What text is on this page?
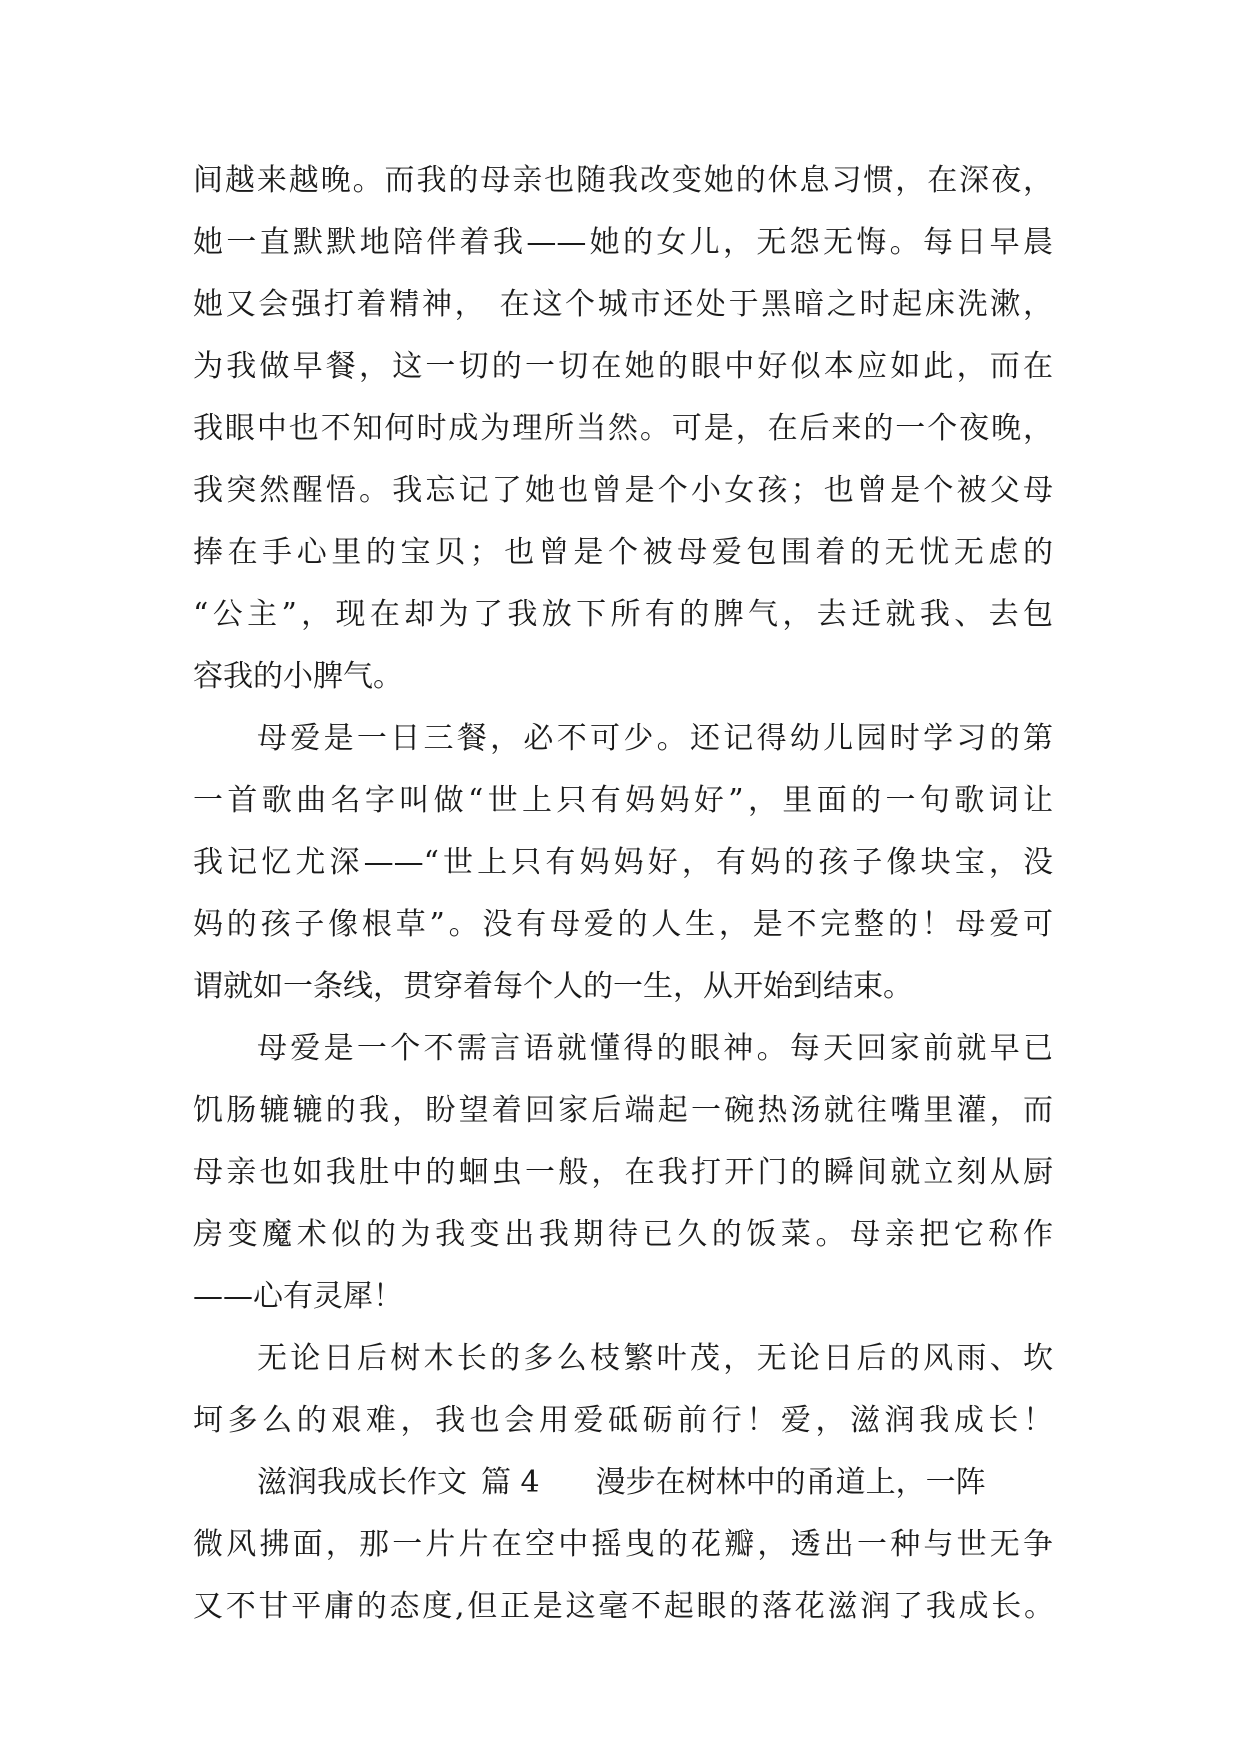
间越来越晚。而我的母亲也随我改变她的休息习惯，在深夜，
她一直默默地陪伴着我——她的女儿，无怨无悔。每日早晨
她又会强打着精神， 在这个城市还处于黑暗之时起床洗漱，
为我做早餐，这一切的一切在她的眼中好似本应如此，而在
我眼中也不知何时成为理所当然。可是，在后来的一个夜晚，
我突然醒悟。我忘记了她也曾是个小女孩；也曾是个被父母
捧在手心里的宝贝；也曾是个被母爱包围着的无忧无虑的
“公主”，现在却为了我放下所有的脾气，去迁就我、去包
容我的小脾气。
母爱是一日三餐，必不可少。还记得幼儿园时学习的第
一首歌曲名字叫做“世上只有妈妈好”，里面的一句歌词让
我记忆尤深——“世上只有妈妈好，有妈的孩子像块宝，没
妈的孩子像根草”。没有母爱的人生，是不完整的！母爱可
谓就如一条线，贯穿着每个人的一生，从开始到结束。
母爱是一个不需言语就懂得的眼神。每天回家前就早已
饥肠辘辘的我，盼望着回家后端起一碗热汤就往嘴里灌，而
母亲也如我肚中的蛔虫一般，在我打开门的瞬间就立刻从厨
房变魔术似的为我变出我期待已久的饭菜。母亲把它称作
——心有灵犀！
无论日后树木长的多么枝繁叶茂，无论日后的风雨、坎
坷多么的艰难，我也会用爱砥砺前行！爱，滋润我成长！
滋润我成长作文 篇 4 漫步在树林中的甬道上，一阵
微风拂面，那一片片在空中摇曳的花瓣，透出一种与世无争
又不甘平庸的态度,但正是这毫不起眼的落花滋润了我成长。
